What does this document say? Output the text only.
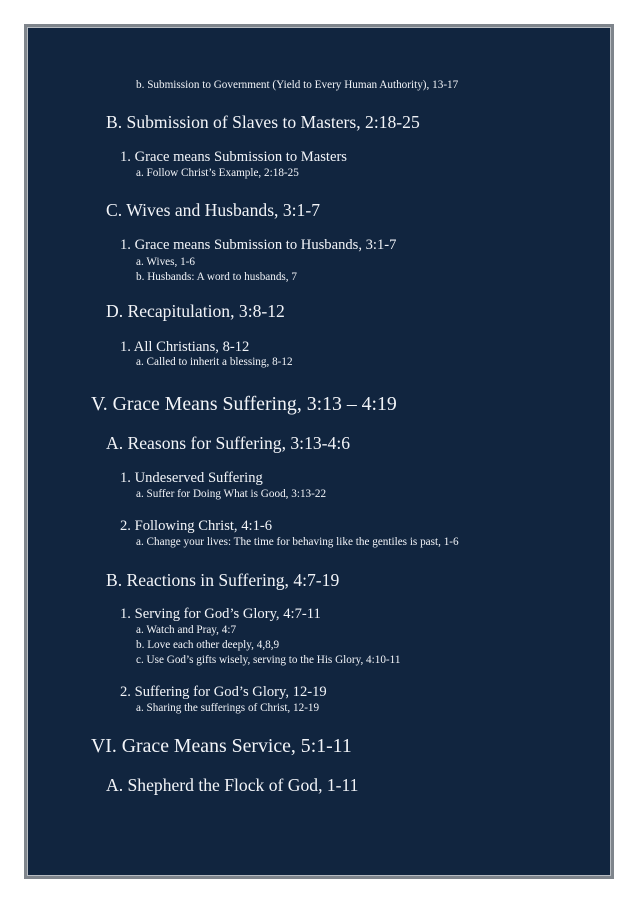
b. Submission to Government (Yield to Every Human Authority), 13-17
B. Submission of Slaves to Masters, 2:18-25
1. Grace means Submission to Masters
a. Follow Christ’s Example, 2:18-25
C. Wives and Husbands, 3:1-7
1. Grace means Submission to Husbands, 3:1-7
a. Wives, 1-6
b. Husbands: A word to husbands, 7
D. Recapitulation, 3:8-12
1. All Christians, 8-12
a. Called to inherit a blessing, 8-12
V. Grace Means Suffering, 3:13 – 4:19
A. Reasons for Suffering, 3:13-4:6
1. Undeserved Suffering
a. Suffer for Doing What is Good, 3:13-22
2. Following Christ, 4:1-6
a. Change your lives: The time for behaving like the gentiles is past, 1-6
B. Reactions in Suffering, 4:7-19
1. Serving for God’s Glory, 4:7-11
a. Watch and Pray, 4:7
b. Love each other deeply, 4,8,9
c. Use God’s gifts wisely, serving to the His Glory, 4:10-11
2. Suffering for God’s Glory, 12-19
a. Sharing the sufferings of Christ, 12-19
VI. Grace Means Service, 5:1-11
A. Shepherd the Flock of God, 1-11
